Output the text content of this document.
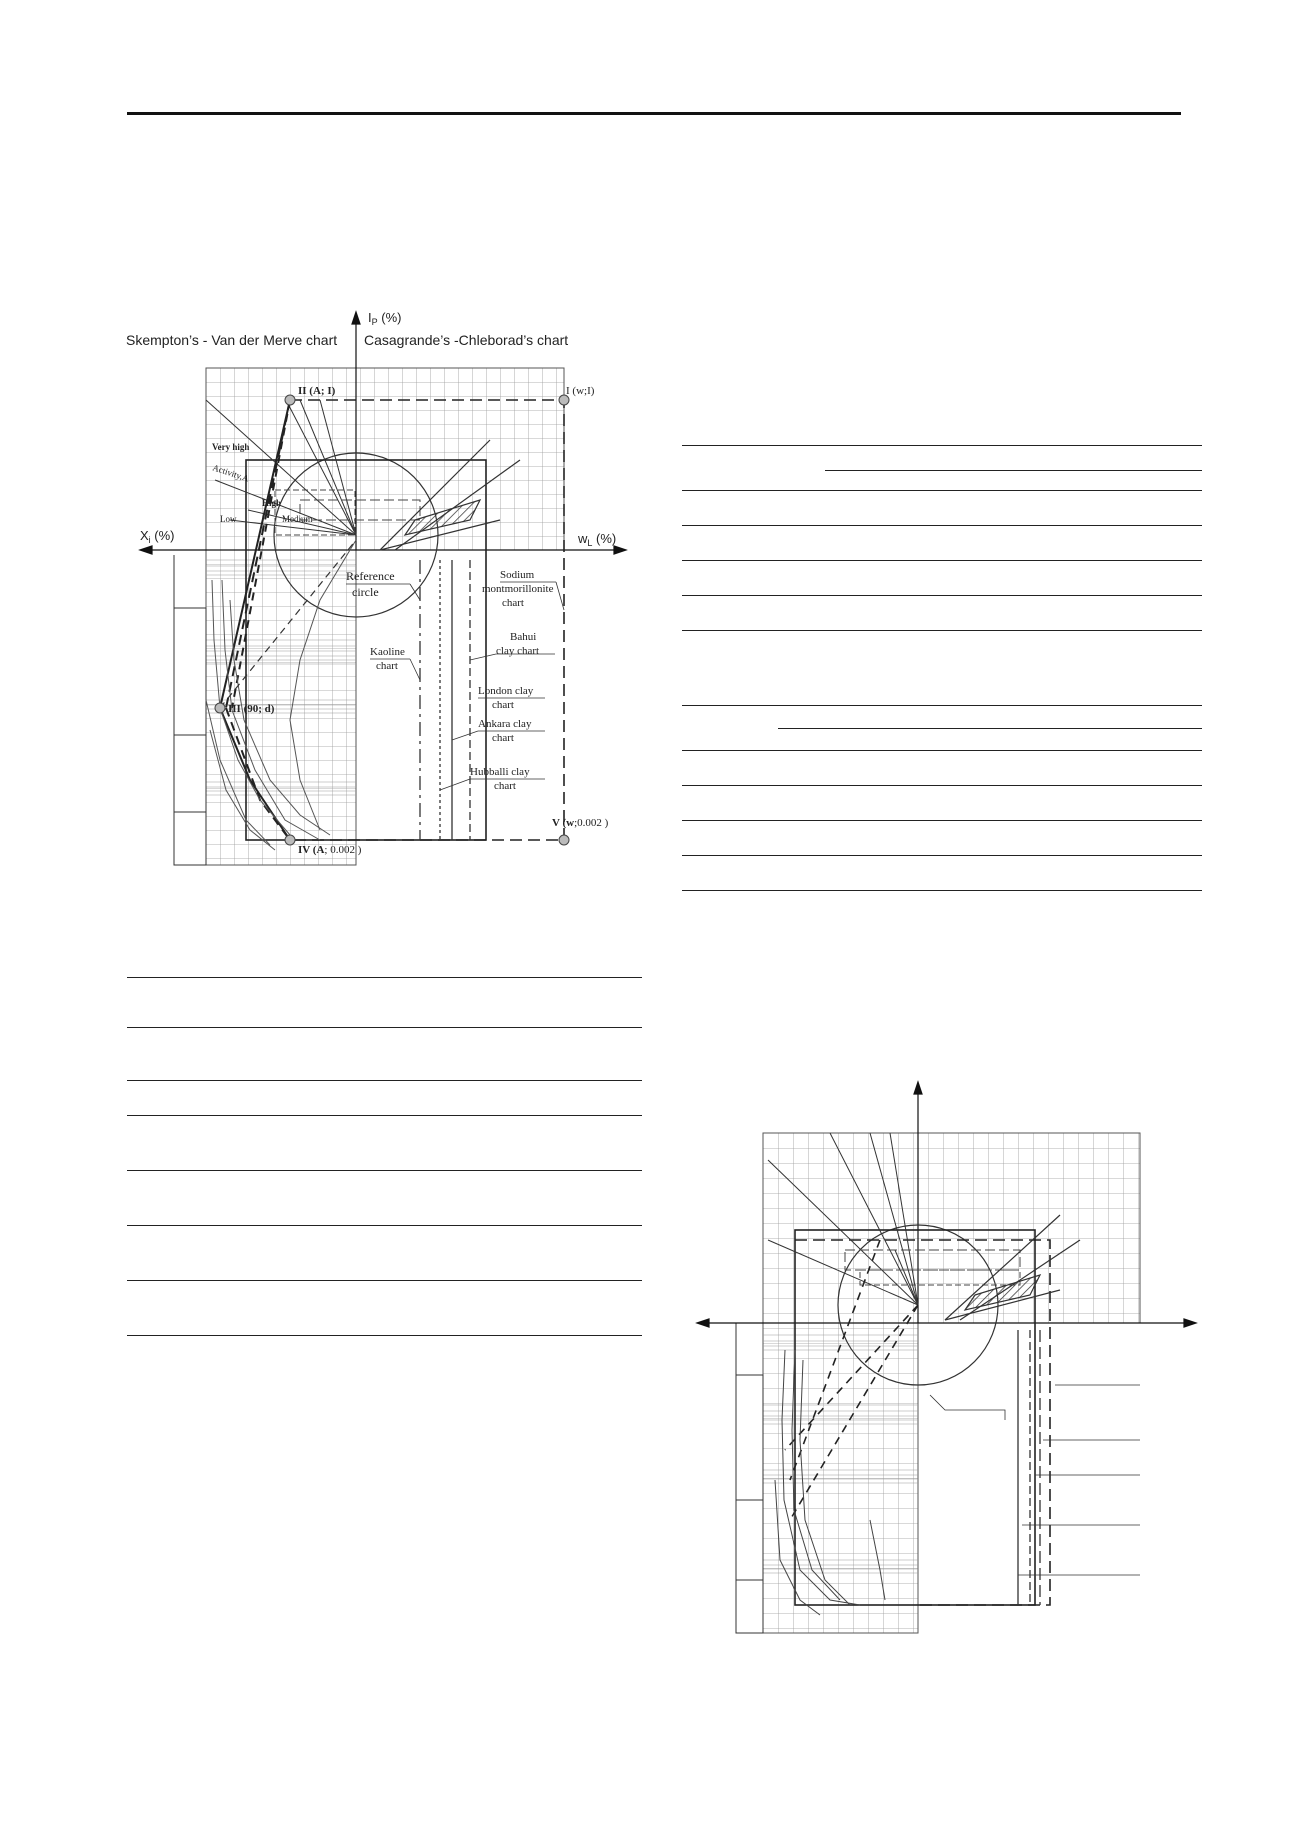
Skempton’s - Van der Merve chart Casagrande’s -Chleborad’s chart
$I_P$ (%)
$X_i$ (%)	$w_L$ (%)
II (A; I)	I (w;I)
III (90; d)
IV (A; 0.002 )
V (w;0.002 )
Very high
Activity,A
High
Medium
Low
Reference circle
Sodium montmorillonite chart
Bahui clay chart
London clay chart
Ankara clay chart
Hubballi clay chart
Kaoline chart
